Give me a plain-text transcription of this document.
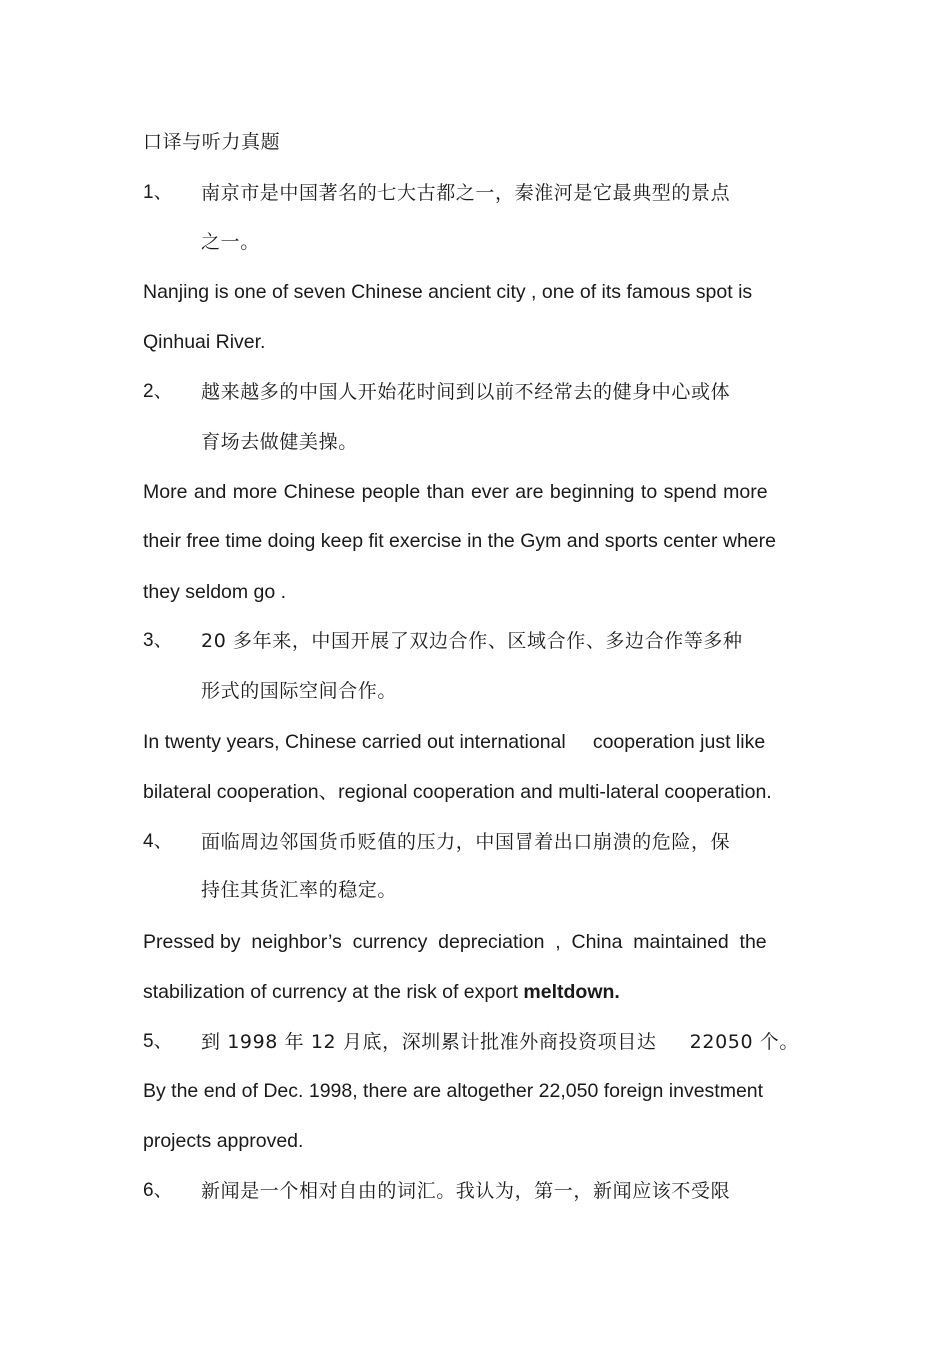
口译与听力真题
1、 南京市是中国著名的七大古都之一，秦淮河是它最典型的景点
之一。
Nanjing is one of seven Chinese ancient city , one of its famous spot is
Qinhuai River.
2、 越来越多的中国人开始花时间到以前不经常去的健身中心或体
育场去做健美操。
More and more Chinese people than ever are beginning to spend more
their free time doing keep fit exercise in the Gym and sports center where
they seldom go .
3、 20 多年来，中国开展了双边合作、区域合作、多边合作等多种
形式的国际空间合作。
In twenty years, Chinese carried out international     cooperation just like
bilateral cooperation、regional cooperation and multi-lateral cooperation.
4、 面临周边邻国货币贬值的压力，中国冒着出口崩溃的危险，保
持住其货汇率的稳定。
Pressed by  neighbor’s  currency  depreciation  ,  China  maintained  the
stabilization of currency at the risk of export meltdown.
5、 到 1998 年 12 月底，深圳累计批准外商投资项目达     22050 个。
By the end of Dec. 1998, there are altogether 22,050 foreign investment
projects approved.
6、 新闻是一个相对自由的词汇。我认为，第一，新闻应该不受限
